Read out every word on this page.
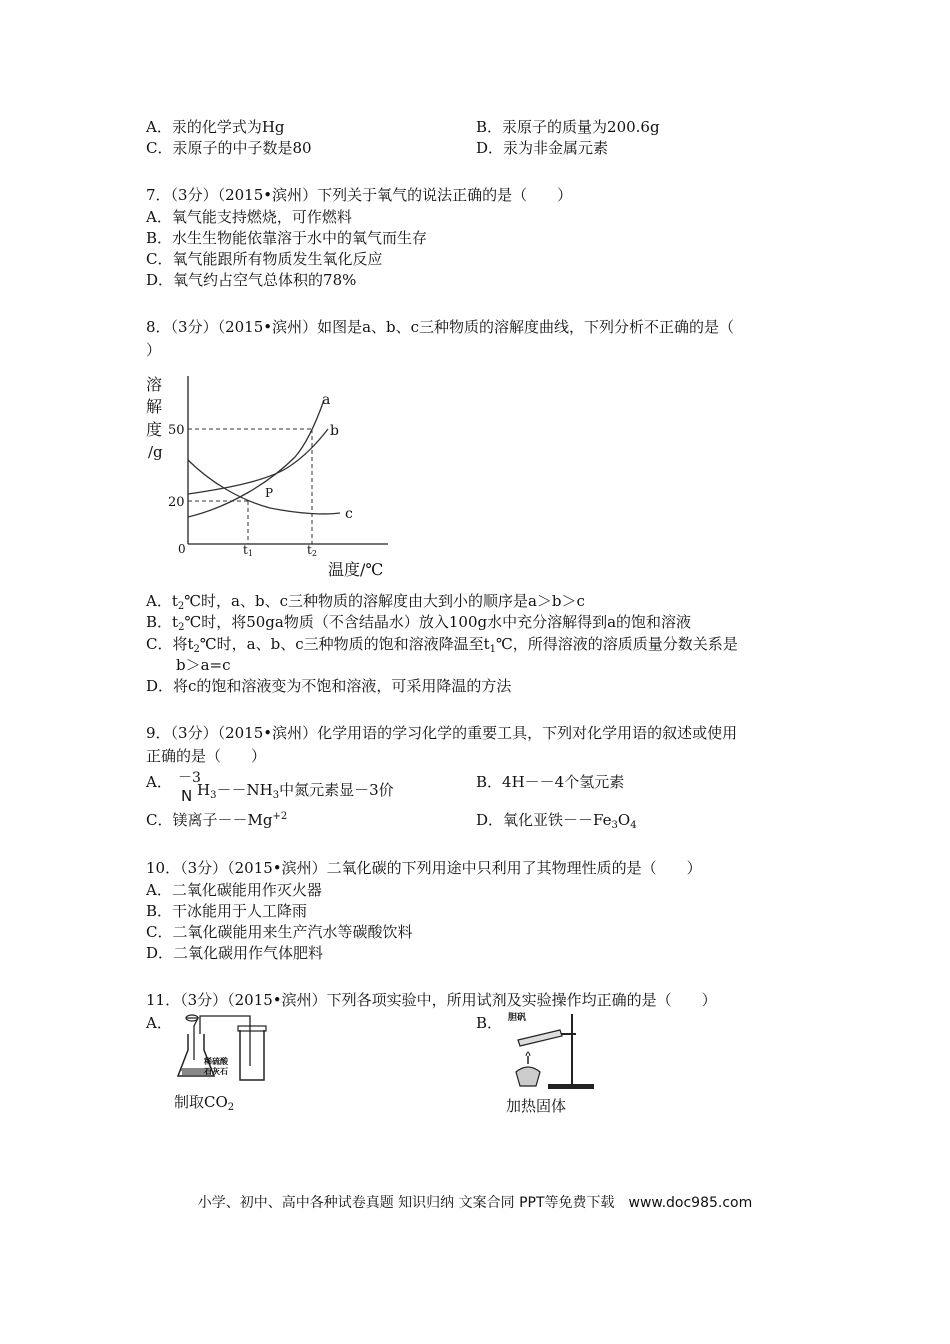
A．汞的化学式为Hg	B．汞原子的质量为200.6g
C．汞原子的中子数是80	D．汞为非金属元素
7．（3分）（2015•滨州）下列关于氧气的说法正确的是（　　）
A．氧气能支持燃烧，可作燃料
B．水生生物能依靠溶于水中的氧气而生存
C．氧气能跟所有物质发生氧化反应
D．氧气约占空气总体积的78%
8．（3分）（2015•滨州）如图是a、b、c三种物质的溶解度曲线，下列分析不正确的是（
）
溶
解
度
/g
50
20
0	t1	t2
a
b
c
P
温度/℃
A．$t_2℃$时，a、b、c三种物质的溶解度由大到小的顺序是a＞b＞c
B．$t_2℃$时，将50ga物质（不含结晶水）放入100g水中充分溶解得到a的饱和溶液
C．将$t_2℃$时，a、b、c三种物质的饱和溶液降温至$t_1℃$，所得溶液的溶质质量分数关系是
b＞a=c
D．将c的饱和溶液变为不饱和溶液，可采用降温的方法
9．（3分）（2015•滨州）化学用语的学习化学的重要工具，下列对化学用语的叙述或使用
正确的是（　　）
A． －3
N $H_3--NH_3$中氮元素显－3价	B．4H－－4个氢元素
C．镁离子$--Mg^{+2}$	D．氧化亚铁$--Fe_3O_4$
10．（3分）（2015•滨州）二氧化碳的下列用途中只利用了其物理性质的是（　　）
A．二氧化碳能用作灭火器
B．干冰能用于人工降雨
C．二氧化碳能用来生产汽水等碳酸饮料
D．二氧化碳用作气体肥料
11．（3分）（2015•滨州）下列各项实验中，所用试剂及实验操作均正确的是（　　）
A．	B．
稀硫酸
石灰石
制取$CO_2$
胆矾
加热固体
小学、初中、高中各种试卷真题 知识归纳 文案合同 PPT等免费下载　www.doc985.com
